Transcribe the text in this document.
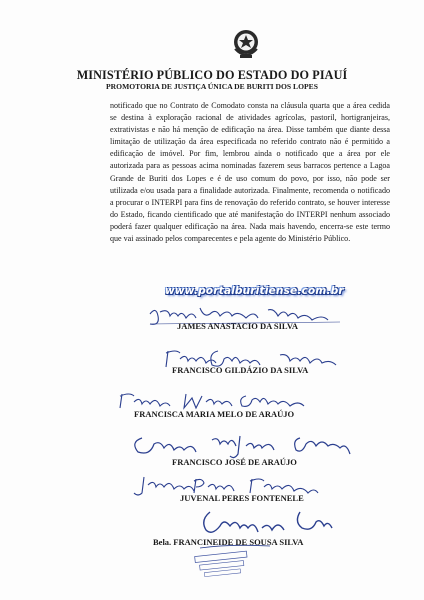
MINISTÉRIO PÚBLICO DO ESTADO DO PIAUÍ
PROMOTORIA DE JUSTIÇA ÚNICA DE BURITI DOS LOPES

notificado que no Contrato de Comodato consta na cláusula quarta que a área cedida se destina à exploração racional de atividades agrícolas, pastoril, hortigranjeiras, extrativistas e não há menção de edificação na área. Disse também que diante dessa limitação de utilização da área especificada no referido contrato não é permitido a edificação de imóvel. Por fim, lembrou ainda o notificado que a área por ele autorizada para as pessoas acima nominadas fazerem seus barracos pertence a Lagoa Grande de Buriti dos Lopes e é de uso comum do povo, por isso, não pode ser utilizada e/ou usada para a finalidade autorizada. Finalmente, recomenda o notificado a procurar o INTERPI para fins de renovação do referido contrato, se houver interesse do Estado, ficando cientificado que até manifestação do INTERPI nenhum associado poderá fazer qualquer edificação na área. Nada mais havendo, encerra-se este termo que vai assinado pelos comparecentes e pela agente do Ministério Público.

www.portalburitiense.com.br
JAMES ANASTACIO DA SILVA
FRANCISCO GILDÁZIO DA SILVA
FRANCISCA MARIA MELO DE ARAÚJO
FRANCISCO JOSÉ DE ARAÚJO
JUVENAL PERES FONTENELE
Bela. FRANCINEIDE DE SOUSA SILVA
